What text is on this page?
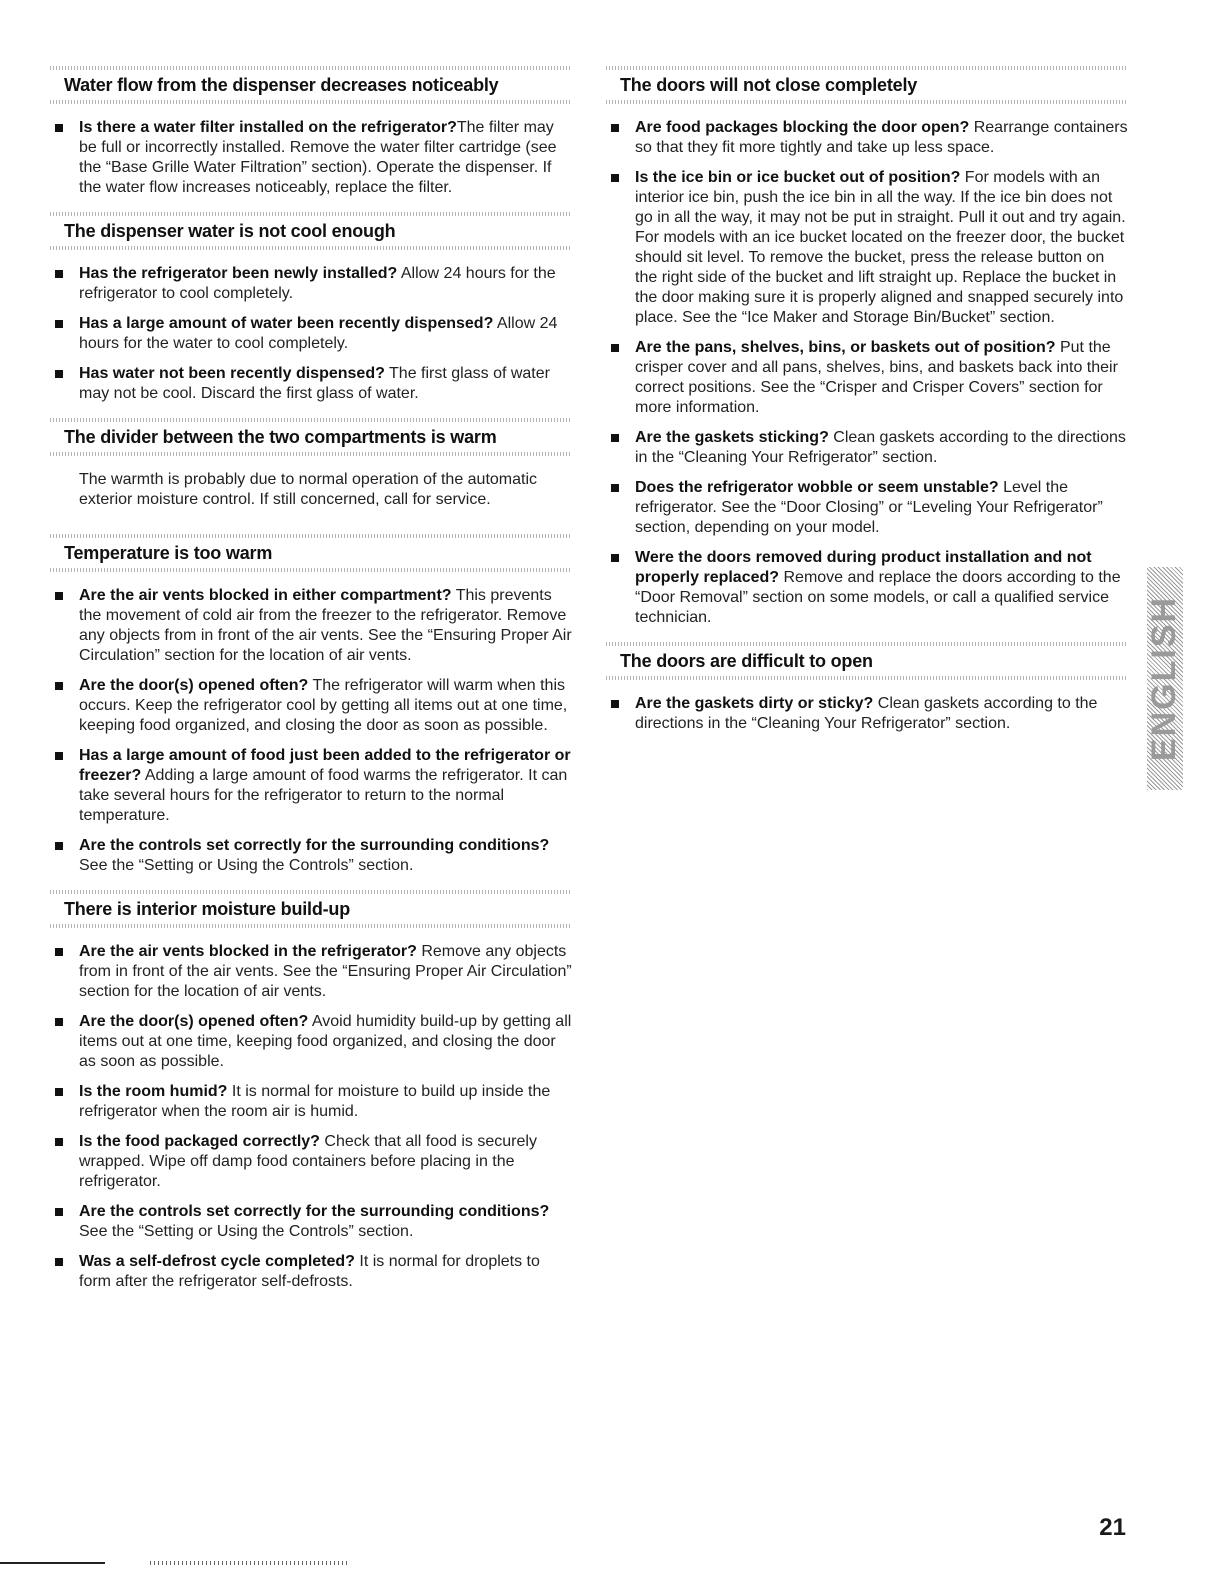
Water flow from the dispenser decreases noticeably
Is there a water filter installed on the refrigerator?The filter may be full or incorrectly installed. Remove the water filter cartridge (see the “Base Grille Water Filtration” section). Operate the dispenser. If the water flow increases noticeably, replace the filter.
The dispenser water is not cool enough
Has the refrigerator been newly installed? Allow 24 hours for the refrigerator to cool completely.
Has a large amount of water been recently dispensed? Allow 24 hours for the water to cool completely.
Has water not been recently dispensed? The first glass of water may not be cool. Discard the first glass of water.
The divider between the two compartments is warm
The warmth is probably due to normal operation of the automatic exterior moisture control. If still concerned, call for service.
Temperature is too warm
Are the air vents blocked in either compartment? This prevents the movement of cold air from the freezer to the refrigerator. Remove any objects from in front of the air vents. See the “Ensuring Proper Air Circulation” section for the location of air vents.
Are the door(s) opened often? The refrigerator will warm when this occurs. Keep the refrigerator cool by getting all items out at one time, keeping food organized, and closing the door as soon as possible.
Has a large amount of food just been added to the refrigerator or freezer? Adding a large amount of food warms the refrigerator. It can take several hours for the refrigerator to return to the normal temperature.
Are the controls set correctly for the surrounding conditions? See the “Setting or Using the Controls” section.
There is interior moisture build-up
Are the air vents blocked in the refrigerator? Remove any objects from in front of the air vents. See the “Ensuring Proper Air Circulation” section for the location of air vents.
Are the door(s) opened often? Avoid humidity build-up by getting all items out at one time, keeping food organized, and closing the door as soon as possible.
Is the room humid? It is normal for moisture to build up inside the refrigerator when the room air is humid.
Is the food packaged correctly? Check that all food is securely wrapped. Wipe off damp food containers before placing in the refrigerator.
Are the controls set correctly for the surrounding conditions? See the “Setting or Using the Controls” section.
Was a self-defrost cycle completed? It is normal for droplets to form after the refrigerator self-defrosts.
The doors will not close completely
Are food packages blocking the door open? Rearrange containers so that they fit more tightly and take up less space.
Is the ice bin or ice bucket out of position? For models with an interior ice bin, push the ice bin in all the way. If the ice bin does not go in all the way, it may not be put in straight. Pull it out and try again. For models with an ice bucket located on the freezer door, the bucket should sit level. To remove the bucket, press the release button on the right side of the bucket and lift straight up. Replace the bucket in the door making sure it is properly aligned and snapped securely into place. See the “Ice Maker and Storage Bin/Bucket” section.
Are the pans, shelves, bins, or baskets out of position? Put the crisper cover and all pans, shelves, bins, and baskets back into their correct positions. See the “Crisper and Crisper Covers” section for more information.
Are the gaskets sticking? Clean gaskets according to the directions in the “Cleaning Your Refrigerator” section.
Does the refrigerator wobble or seem unstable? Level the refrigerator. See the “Door Closing” or “Leveling Your Refrigerator” section, depending on your model.
Were the doors removed during product installation and not properly replaced? Remove and replace the doors according to the “Door Removal” section on some models, or call a qualified service technician.
The doors are difficult to open
Are the gaskets dirty or sticky? Clean gaskets according to the directions in the “Cleaning Your Refrigerator” section.	ENGLISH
21
